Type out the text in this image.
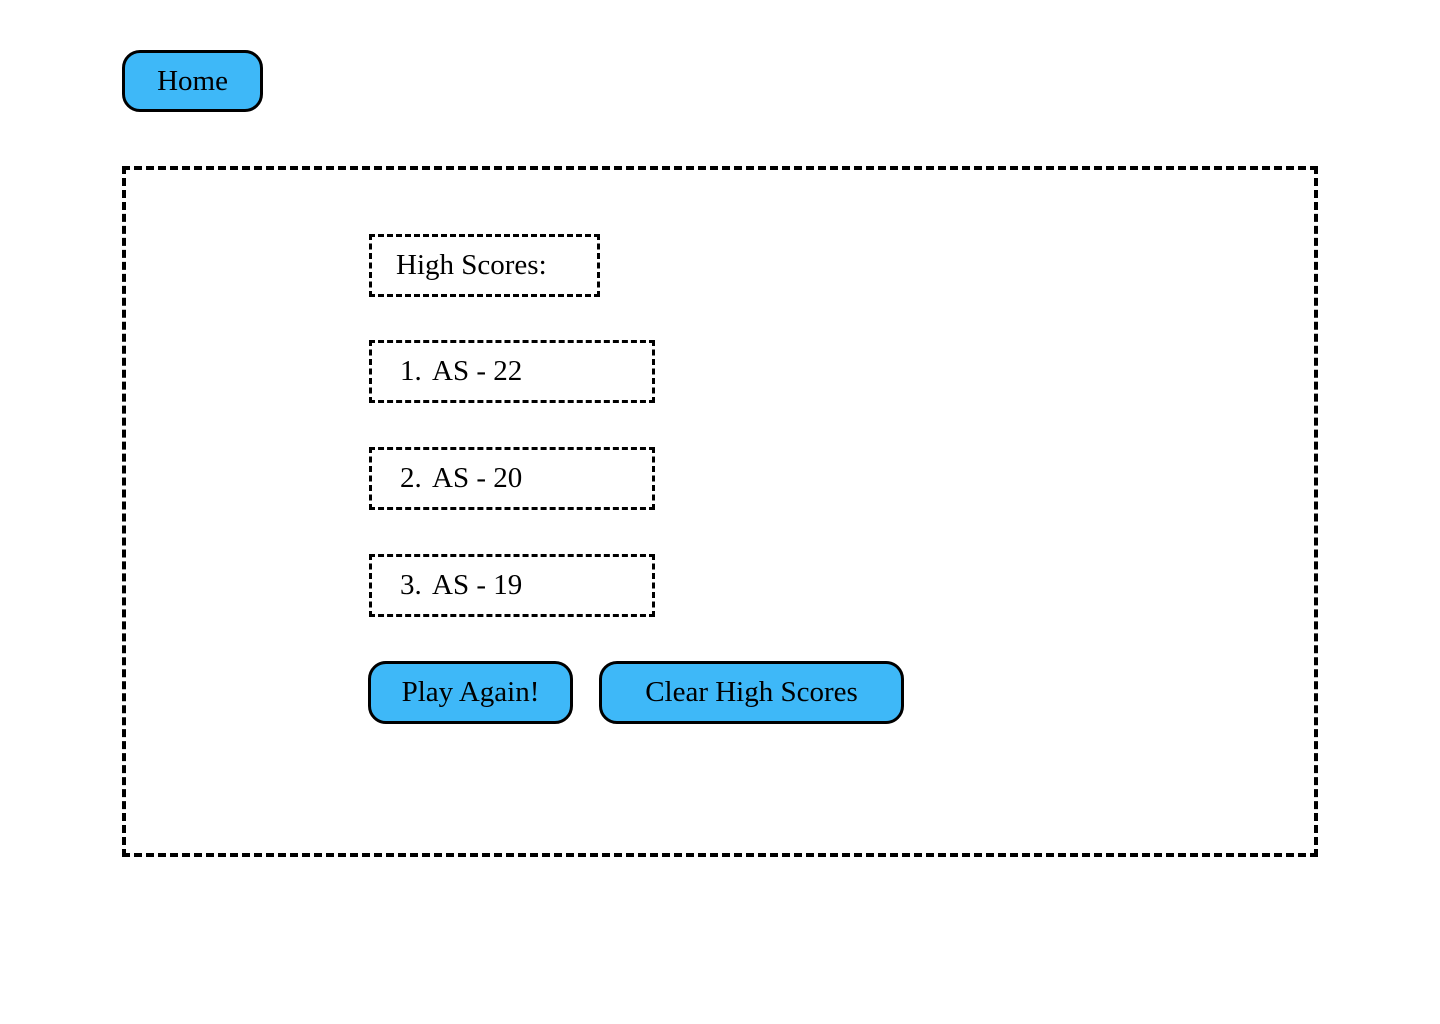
Home
High Scores:
1. AS - 22
2. AS - 20
3. AS - 19
Play Again!	Clear High Scores
